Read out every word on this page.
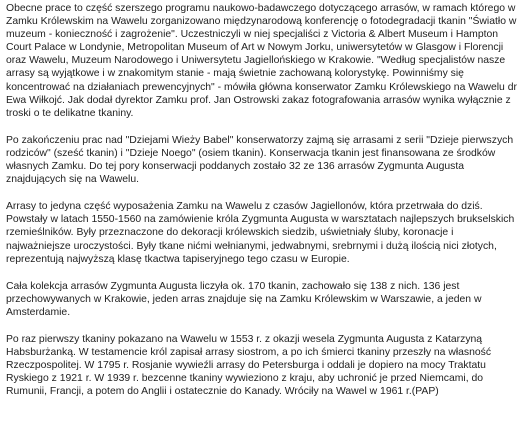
Obecne prace to część szerszego programu naukowo-badawczego dotyczącego arrasów, w ramach którego w
Zamku Królewskim na Wawelu zorganizowano międzynarodową konferencję o fotodegradacji tkanin "Światło w
muzeum - konieczność i zagrożenie". Uczestniczyli w niej specjaliści z Victoria & Albert Museum i Hampton
Court Palace w Londynie, Metropolitan Museum of Art w Nowym Jorku, uniwersytetów w Glasgow i Florencji
oraz Wawelu, Muzeum Narodowego i Uniwersytetu Jagiellońskiego w Krakowie. "Według specjalistów nasze
arrasy są wyjątkowe i w znakomitym stanie - mają świetnie zachowaną kolorystykę. Powinniśmy się
koncentrować na działaniach prewencyjnych" - mówiła główna konserwator Zamku Królewskiego na Wawelu dr
Ewa Wiłkojć. Jak dodał dyrektor Zamku prof. Jan Ostrowski zakaz fotografowania arrasów wynika wyłącznie z
troski o te delikatne tkaniny.

Po zakończeniu prac nad "Dziejami Wieży Babel" konserwatorzy zajmą się arrasami z serii "Dzieje pierwszych
rodziców" (sześć tkanin) i "Dzieje Noego" (osiem tkanin). Konserwacja tkanin jest finansowana ze środków
własnych Zamku. Do tej pory konserwacji poddanych zostało 32 ze 136 arrasów Zygmunta Augusta
znajdujących się na Wawelu.

Arrasy to jedyna część wyposażenia Zamku na Wawelu z czasów Jagiellonów, która przetrwała do dziś.
Powstały w latach 1550-1560 na zamówienie króla Zygmunta Augusta w warsztatach najlepszych brukselskich
rzemieślników. Były przeznaczone do dekoracji królewskich siedzib, uświetniały śluby, koronacje i
najważniejsze uroczystości. Były tkane nićmi wełnianymi, jedwabnymi, srebrnymi i dużą ilością nici złotych,
reprezentują najwyższą klasę tkactwa tapiseryjnego tego czasu w Europie.

Cała kolekcja arrasów Zygmunta Augusta liczyła ok. 170 tkanin, zachowało się 138 z nich. 136 jest
przechowywanych w Krakowie, jeden arras znajduje się na Zamku Królewskim w Warszawie, a jeden w
Amsterdamie.

Po raz pierwszy tkaniny pokazano na Wawelu w 1553 r. z okazji wesela Zygmunta Augusta z Katarzyną
Habsburżanką. W testamencie król zapisał arrasy siostrom, a po ich śmierci tkaniny przeszły na własność
Rzeczpospolitej. W 1795 r. Rosjanie wywieźli arrasy do Petersburga i oddali je dopiero na mocy Traktatu
Ryskiego z 1921 r. W 1939 r. bezcenne tkaniny wywieziono z kraju, aby uchronić je przed Niemcami, do
Rumunii, Francji, a potem do Anglii i ostatecznie do Kanady. Wróciły na Wawel w 1961 r.(PAP)
